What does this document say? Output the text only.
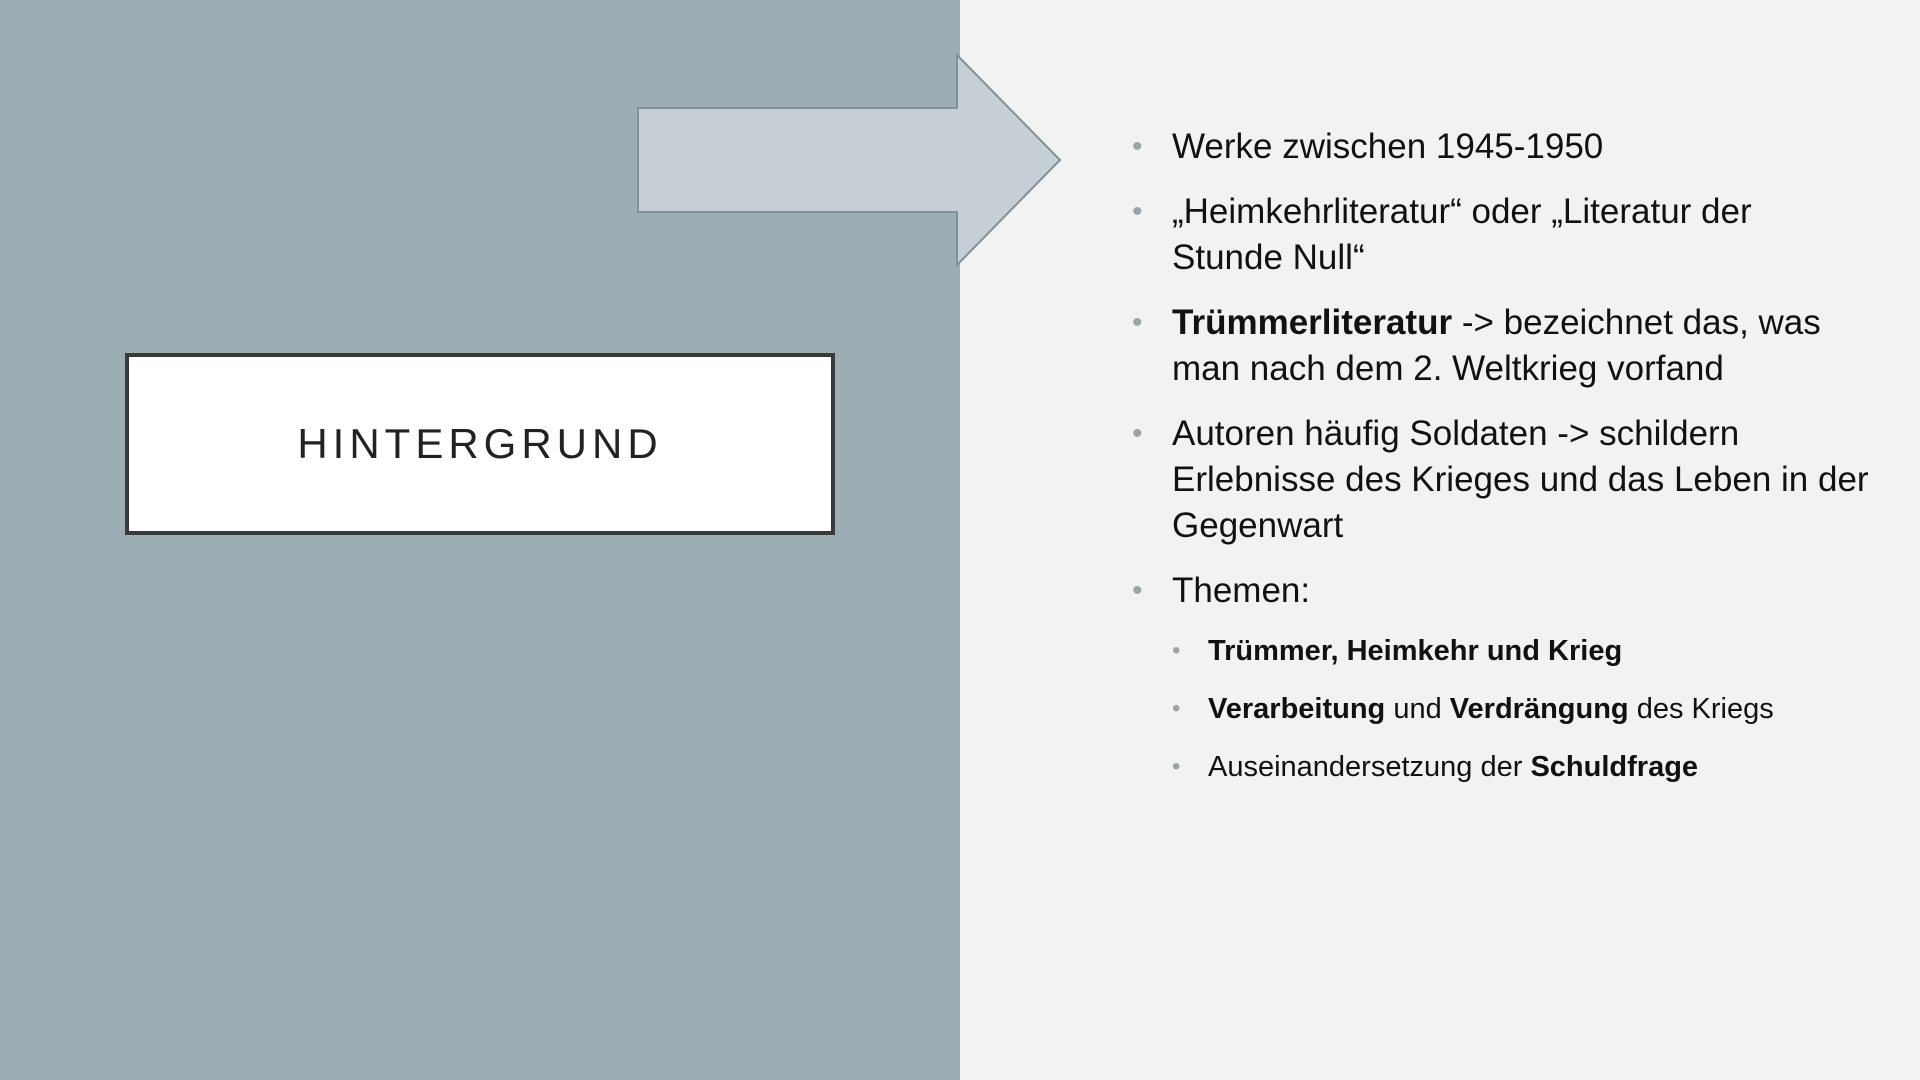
HINTERGRUND
• Werke zwischen 1945-1950
• „Heimkehrliteratur“ oder „Literatur der Stunde Null“
• Trümmerliteratur -> bezeichnet das, was man nach dem 2. Weltkrieg vorfand
• Autoren häufig Soldaten -> schildern Erlebnisse des Krieges und das Leben in der Gegenwart
• Themen:
• Trümmer, Heimkehr und Krieg
• Verarbeitung und Verdrängung des Kriegs
• Auseinandersetzung der Schuldfrage
